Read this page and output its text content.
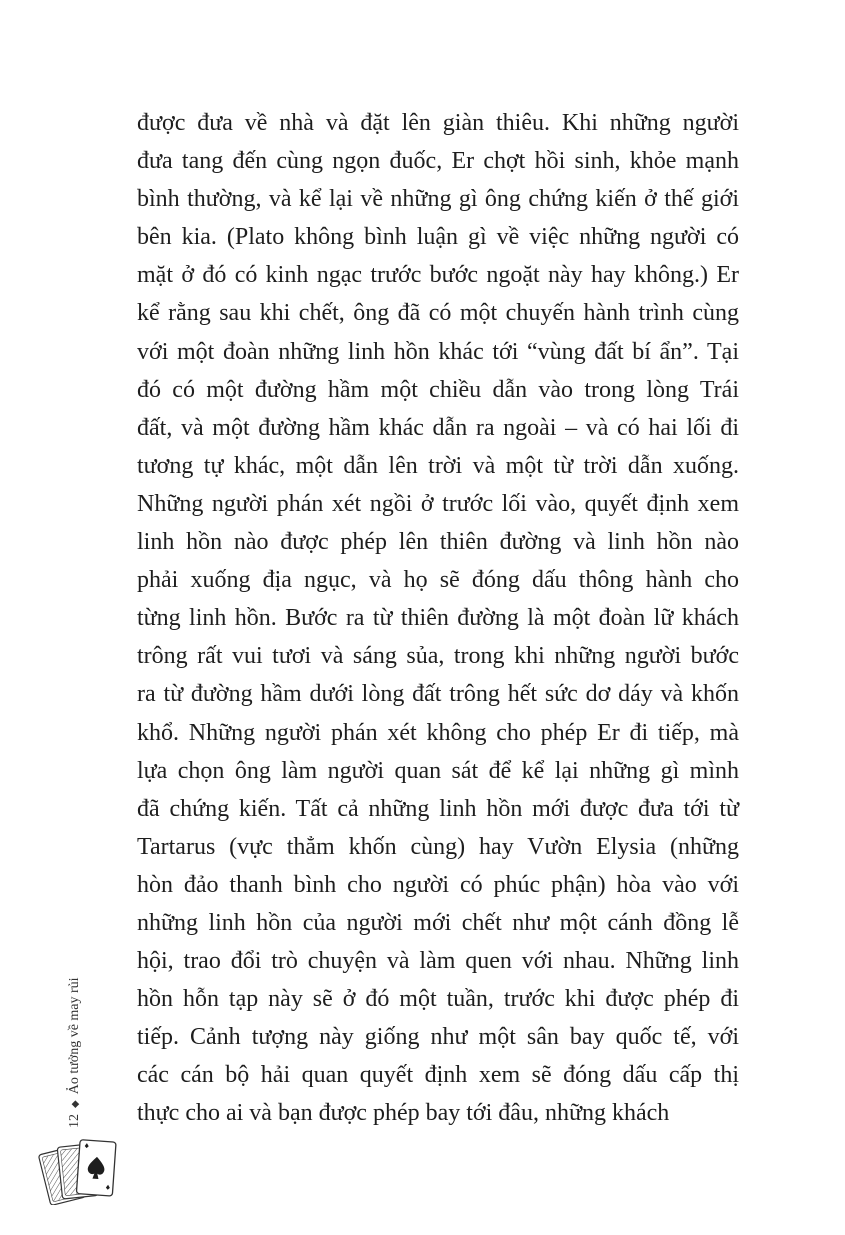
được đưa về nhà và đặt lên giàn thiêu. Khi những người
đưa tang đến cùng ngọn đuốc, Er chợt hồi sinh, khỏe mạnh
bình thường, và kể lại về những gì ông chứng kiến ở thế giới
bên kia. (Plato không bình luận gì về việc những người có
mặt ở đó có kinh ngạc trước bước ngoặt này hay không.) Er
kể rằng sau khi chết, ông đã có một chuyến hành trình cùng
với một đoàn những linh hồn khác tới “vùng đất bí ẩn”. Tại
đó có một đường hầm một chiều dẫn vào trong lòng Trái
đất, và một đường hầm khác dẫn ra ngoài – và có hai lối đi
tương tự khác, một dẫn lên trời và một từ trời dẫn xuống.
Những người phán xét ngồi ở trước lối vào, quyết định xem
linh hồn nào được phép lên thiên đường và linh hồn nào
phải xuống địa ngục, và họ sẽ đóng dấu thông hành cho
từng linh hồn. Bước ra từ thiên đường là một đoàn lữ khách
trông rất vui tươi và sáng sủa, trong khi những người bước
ra từ đường hầm dưới lòng đất trông hết sức dơ dáy và khốn
khổ. Những người phán xét không cho phép Er đi tiếp, mà
lựa chọn ông làm người quan sát để kể lại những gì mình
đã chứng kiến. Tất cả những linh hồn mới được đưa tới từ
Tartarus (vực thẳm khốn cùng) hay Vườn Elysia (những
hòn đảo thanh bình cho người có phúc phận) hòa vào với
những linh hồn của người mới chết như một cánh đồng lễ
hội, trao đổi trò chuyện và làm quen với nhau. Những linh
hồn hỗn tạp này sẽ ở đó một tuần, trước khi được phép đi
tiếp. Cảnh tượng này giống như một sân bay quốc tế, với
các cán bộ hải quan quyết định xem sẽ đóng dấu cấp thị
thực cho ai và bạn được phép bay tới đâu, những khách
12
◆
Ảo tưởng về may rủi
